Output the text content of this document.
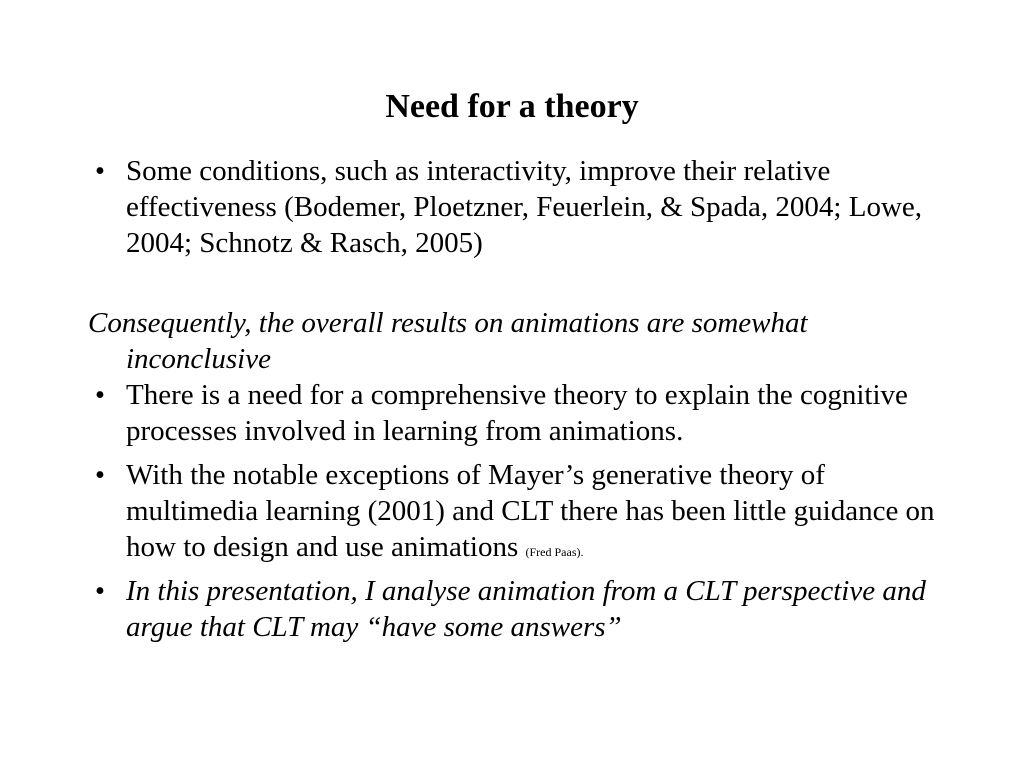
Need for a theory
• Some conditions, such as interactivity, improve their relative effectiveness (Bodemer, Ploetzner, Feuerlein, & Spada, 2004; Lowe, 2004; Schnotz & Rasch, 2005)

Consequently, the overall results on animations are somewhat inconclusive

• There is a need for a comprehensive theory to explain the cognitive processes involved in learning from animations.
• With the notable exceptions of Mayer’s generative theory of multimedia learning (2001) and CLT there has been little guidance on how to design and use animations (Fred Paas).
• In this presentation, I analyse animation from a CLT perspective and argue that CLT may “have some answers”
